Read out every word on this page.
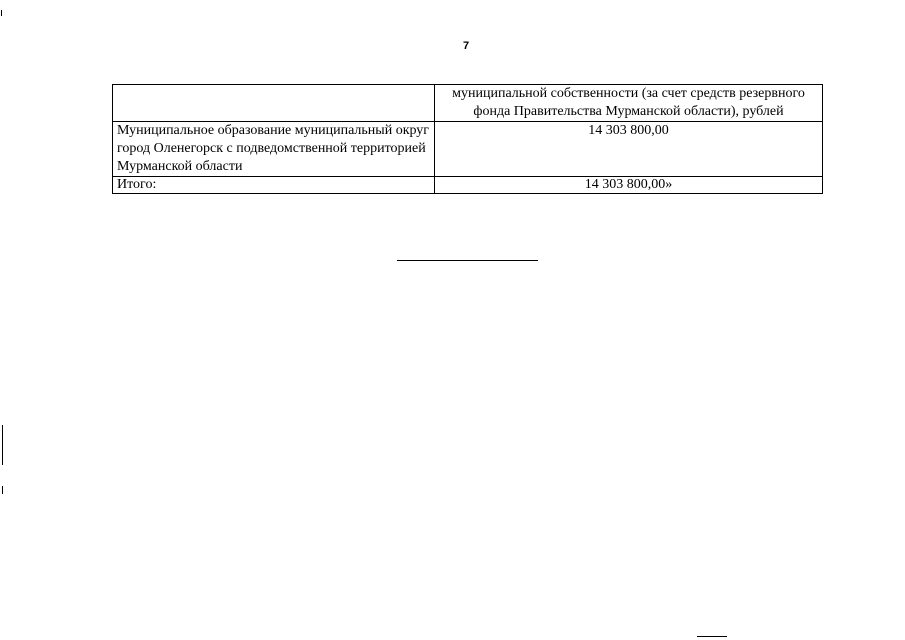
7
	муниципальной собственности (за счет средств резервного фонда Правительства Мурманской области), рублей
Муниципальное образование муниципальный округ город Оленегорск с подведомственной территорией Мурманской области	14 303 800,00
Итого:	14 303 800,00»
